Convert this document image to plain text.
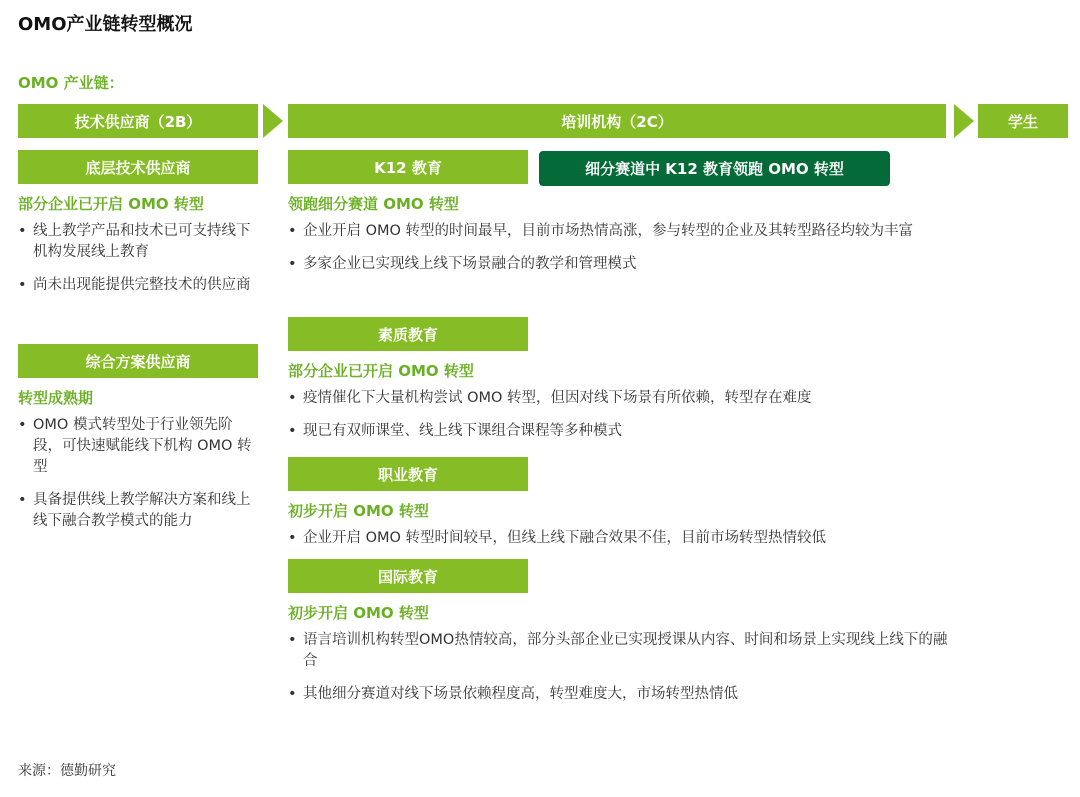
OMO产业链转型概况
OMO 产业链：
技术供应商（2B）	培训机构（2C）	学生
底层技术供应商
部分企业已开启 OMO 转型
• 线上教学产品和技术已可支持线下机构发展线上教育
• 尚未出现能提供完整技术的供应商
综合方案供应商
转型成熟期
• OMO 模式转型处于行业领先阶段，可快速赋能线下机构 OMO 转型
• 具备提供线上教学解决方案和线上线下融合教学模式的能力
K12 教育	细分赛道中 K12 教育领跑 OMO 转型
领跑细分赛道 OMO 转型
• 企业开启 OMO 转型的时间最早，目前市场热情高涨，参与转型的企业及其转型路径均较为丰富
• 多家企业已实现线上线下场景融合的教学和管理模式
素质教育
部分企业已开启 OMO 转型
• 疫情催化下大量机构尝试 OMO 转型，但因对线下场景有所依赖，转型存在难度
• 现已有双师课堂、线上线下课组合课程等多种模式
职业教育
初步开启 OMO 转型
• 企业开启 OMO 转型时间较早，但线上线下融合效果不佳，目前市场转型热情较低
国际教育
初步开启 OMO 转型
• 语言培训机构转型OMO热情较高，部分头部企业已实现授课从内容、时间和场景上实现线上线下的融合
• 其他细分赛道对线下场景依赖程度高，转型难度大，市场转型热情低
来源：德勤研究
